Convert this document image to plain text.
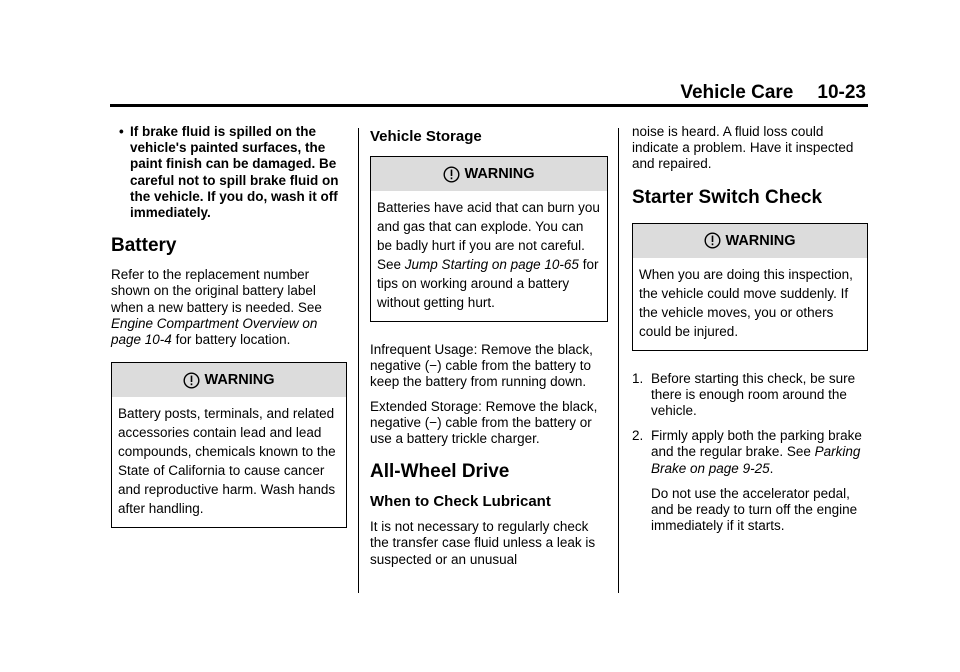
Vehicle Care 10-23

• If brake fluid is spilled on the vehicle's painted surfaces, the paint finish can be damaged. Be careful not to spill brake fluid on the vehicle. If you do, wash it off immediately.

Battery

Refer to the replacement number shown on the original battery label when a new battery is needed. See Engine Compartment Overview on page 10-4 for battery location.

WARNING
Battery posts, terminals, and related accessories contain lead and lead compounds, chemicals known to the State of California to cause cancer and reproductive harm. Wash hands after handling.
Vehicle Storage
WARNING
Batteries have acid that can burn you and gas that can explode. You can be badly hurt if you are not careful. See Jump Starting on page 10-65 for tips on working around a battery without getting hurt.

Infrequent Usage: Remove the black, negative (−) cable from the battery to keep the battery from running down.

Extended Storage: Remove the black, negative (−) cable from the battery or use a battery trickle charger.

All-Wheel Drive
When to Check Lubricant

It is not necessary to regularly check the transfer case fluid unless a leak is suspected or an unusual

noise is heard. A fluid loss could indicate a problem. Have it inspected and repaired.

Starter Switch Check
WARNING
When you are doing this inspection, the vehicle could move suddenly. If the vehicle moves, you or others could be injured.
1. Before starting this check, be sure there is enough room around the vehicle.
2. Firmly apply both the parking brake and the regular brake. See Parking Brake on page 9-25.

Do not use the accelerator pedal, and be ready to turn off the engine immediately if it starts.
